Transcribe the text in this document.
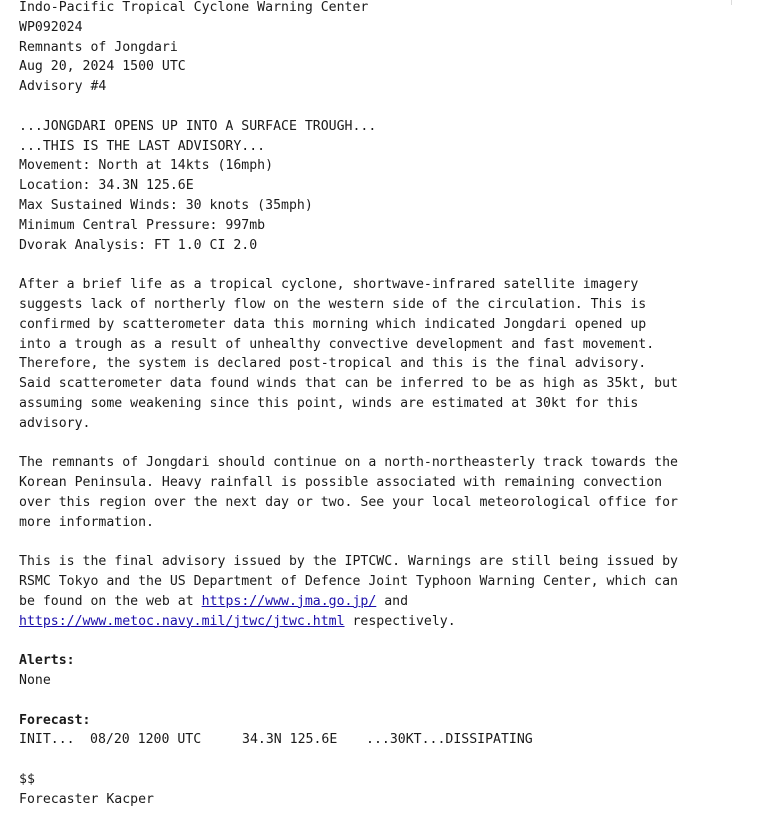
Indo-Pacific Tropical Cyclone Warning Center
WP092024
Remnants of Jongdari
Aug 20, 2024 1500 UTC
Advisory #4
...JONGDARI OPENS UP INTO A SURFACE TROUGH...
...THIS IS THE LAST ADVISORY...
Movement: North at 14kts (16mph)
Location: 34.3N 125.6E
Max Sustained Winds: 30 knots (35mph)
Minimum Central Pressure: 997mb
Dvorak Analysis: FT 1.0 CI 2.0
After a brief life as a tropical cyclone, shortwave-infrared satellite imagery
suggests lack of northerly flow on the western side of the circulation. This is
confirmed by scatterometer data this morning which indicated Jongdari opened up
into a trough as a result of unhealthy convective development and fast movement.
Therefore, the system is declared post-tropical and this is the final advisory.
Said scatterometer data found winds that can be inferred to be as high as 35kt, but
assuming some weakening since this point, winds are estimated at 30kt for this
advisory.
The remnants of Jongdari should continue on a north-northeasterly track towards the
Korean Peninsula. Heavy rainfall is possible associated with remaining convection
over this region over the next day or two. See your local meteorological office for
more information.
This is the final advisory issued by the IPTCWC. Warnings are still being issued by
RSMC Tokyo and the US Department of Defence Joint Typhoon Warning Center, which can
be found on the web at https://www.jma.go.jp/ and
https://www.metoc.navy.mil/jtwc/jtwc.html respectively.
Alerts:
None
Forecast:
INIT...	08/20 1200 UTC	34.3N 125.6E	...30KT...DISSIPATING
$$
Forecaster Kacper
